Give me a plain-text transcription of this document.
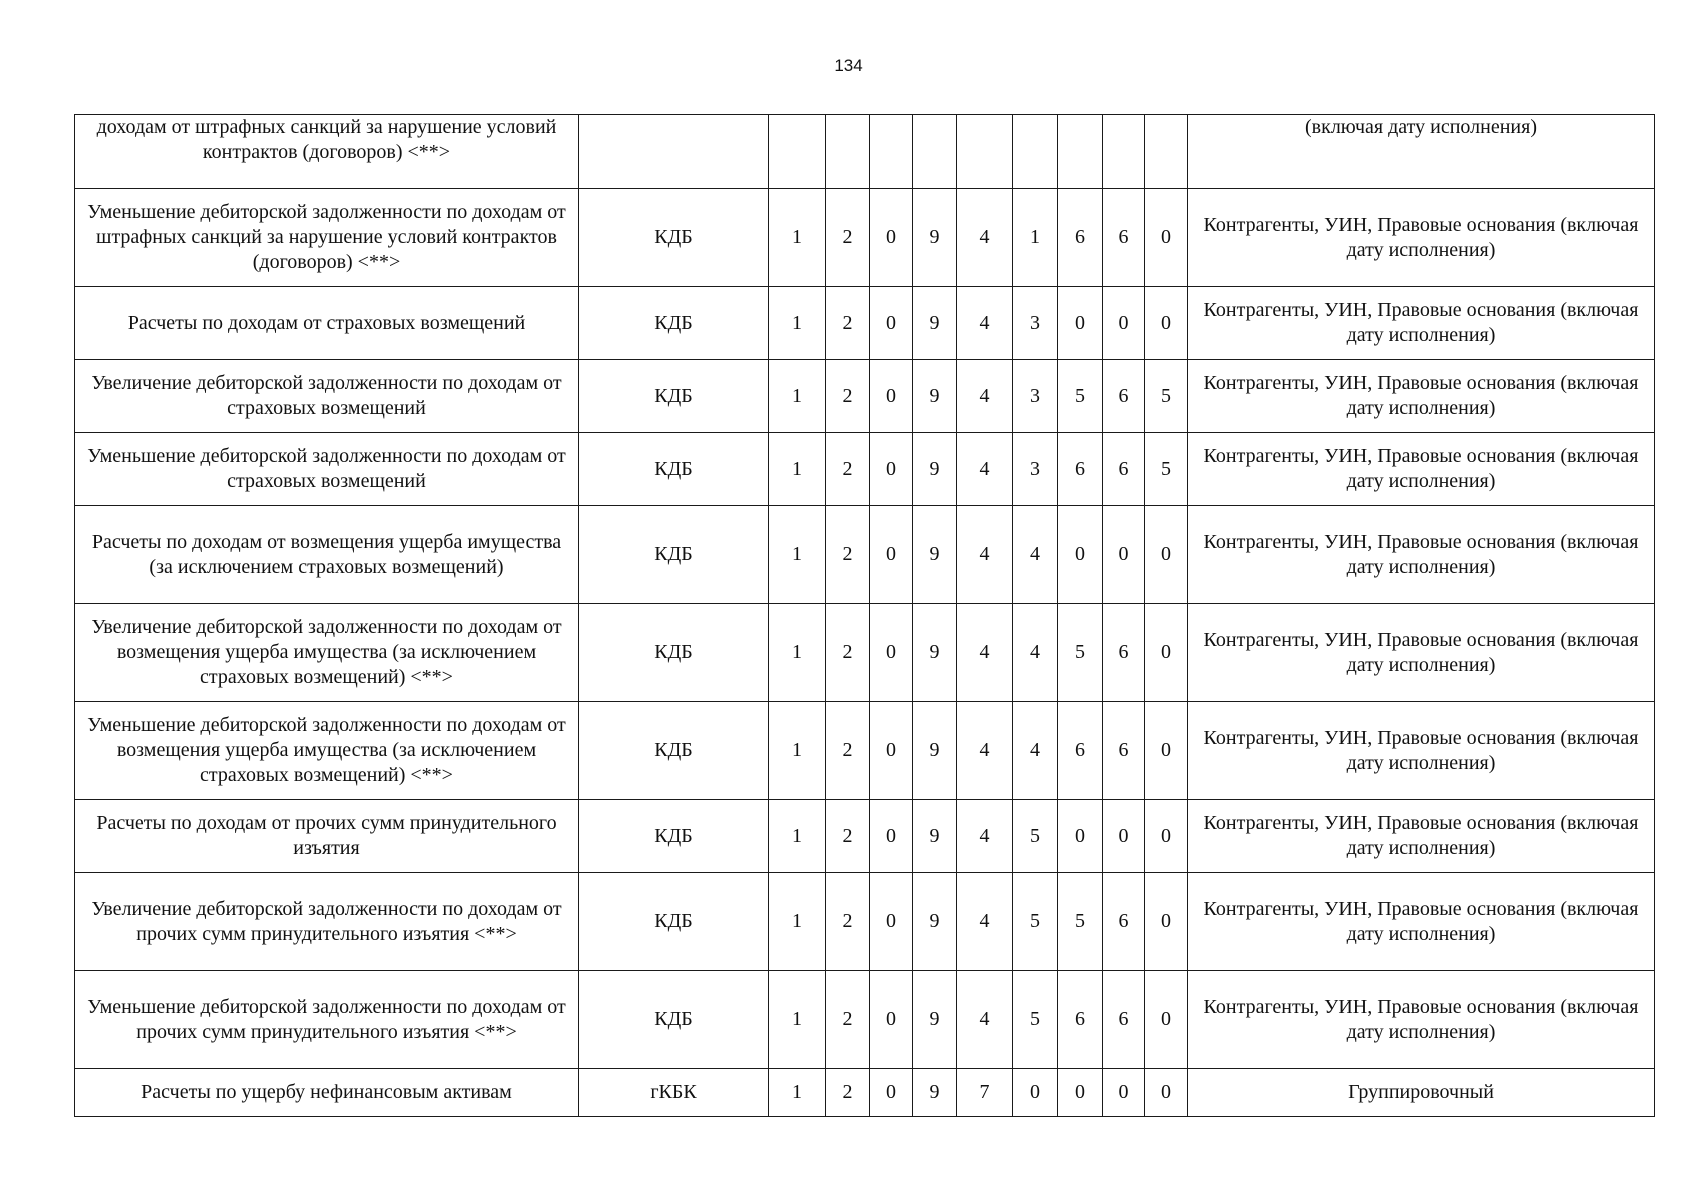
134
доходам от штрафных санкций за нарушение условий контрактов (договоров) <**>											(включая дату исполнения)
Уменьшение дебиторской задолженности по доходам от штрафных санкций за нарушение условий контрактов (договоров) <**>	КДБ	1	2	0	9	4	1	6	6	0	Контрагенты, УИН, Правовые основания (включая дату исполнения)
Расчеты по доходам от страховых возмещений	КДБ	1	2	0	9	4	3	0	0	0	Контрагенты, УИН, Правовые основания (включая дату исполнения)
Увеличение дебиторской задолженности по доходам от страховых возмещений	КДБ	1	2	0	9	4	3	5	6	5	Контрагенты, УИН, Правовые основания (включая дату исполнения)
Уменьшение дебиторской задолженности по доходам от страховых возмещений	КДБ	1	2	0	9	4	3	6	6	5	Контрагенты, УИН, Правовые основания (включая дату исполнения)
Расчеты по доходам от возмещения ущерба имущества (за исключением страховых возмещений)	КДБ	1	2	0	9	4	4	0	0	0	Контрагенты, УИН, Правовые основания (включая дату исполнения)
Увеличение дебиторской задолженности по доходам от возмещения ущерба имущества (за исключением страховых возмещений) <**>	КДБ	1	2	0	9	4	4	5	6	0	Контрагенты, УИН, Правовые основания (включая дату исполнения)
Уменьшение дебиторской задолженности по доходам от возмещения ущерба имущества (за исключением страховых возмещений) <**>	КДБ	1	2	0	9	4	4	6	6	0	Контрагенты, УИН, Правовые основания (включая дату исполнения)
Расчеты по доходам от прочих сумм принудительного изъятия	КДБ	1	2	0	9	4	5	0	0	0	Контрагенты, УИН, Правовые основания (включая дату исполнения)
Увеличение дебиторской задолженности по доходам от прочих сумм принудительного изъятия <**>	КДБ	1	2	0	9	4	5	5	6	0	Контрагенты, УИН, Правовые основания (включая дату исполнения)
Уменьшение дебиторской задолженности по доходам от прочих сумм принудительного изъятия <**>	КДБ	1	2	0	9	4	5	6	6	0	Контрагенты, УИН, Правовые основания (включая дату исполнения)
Расчеты по ущербу нефинансовым активам	гКБК	1	2	0	9	7	0	0	0	0	Группировочный
